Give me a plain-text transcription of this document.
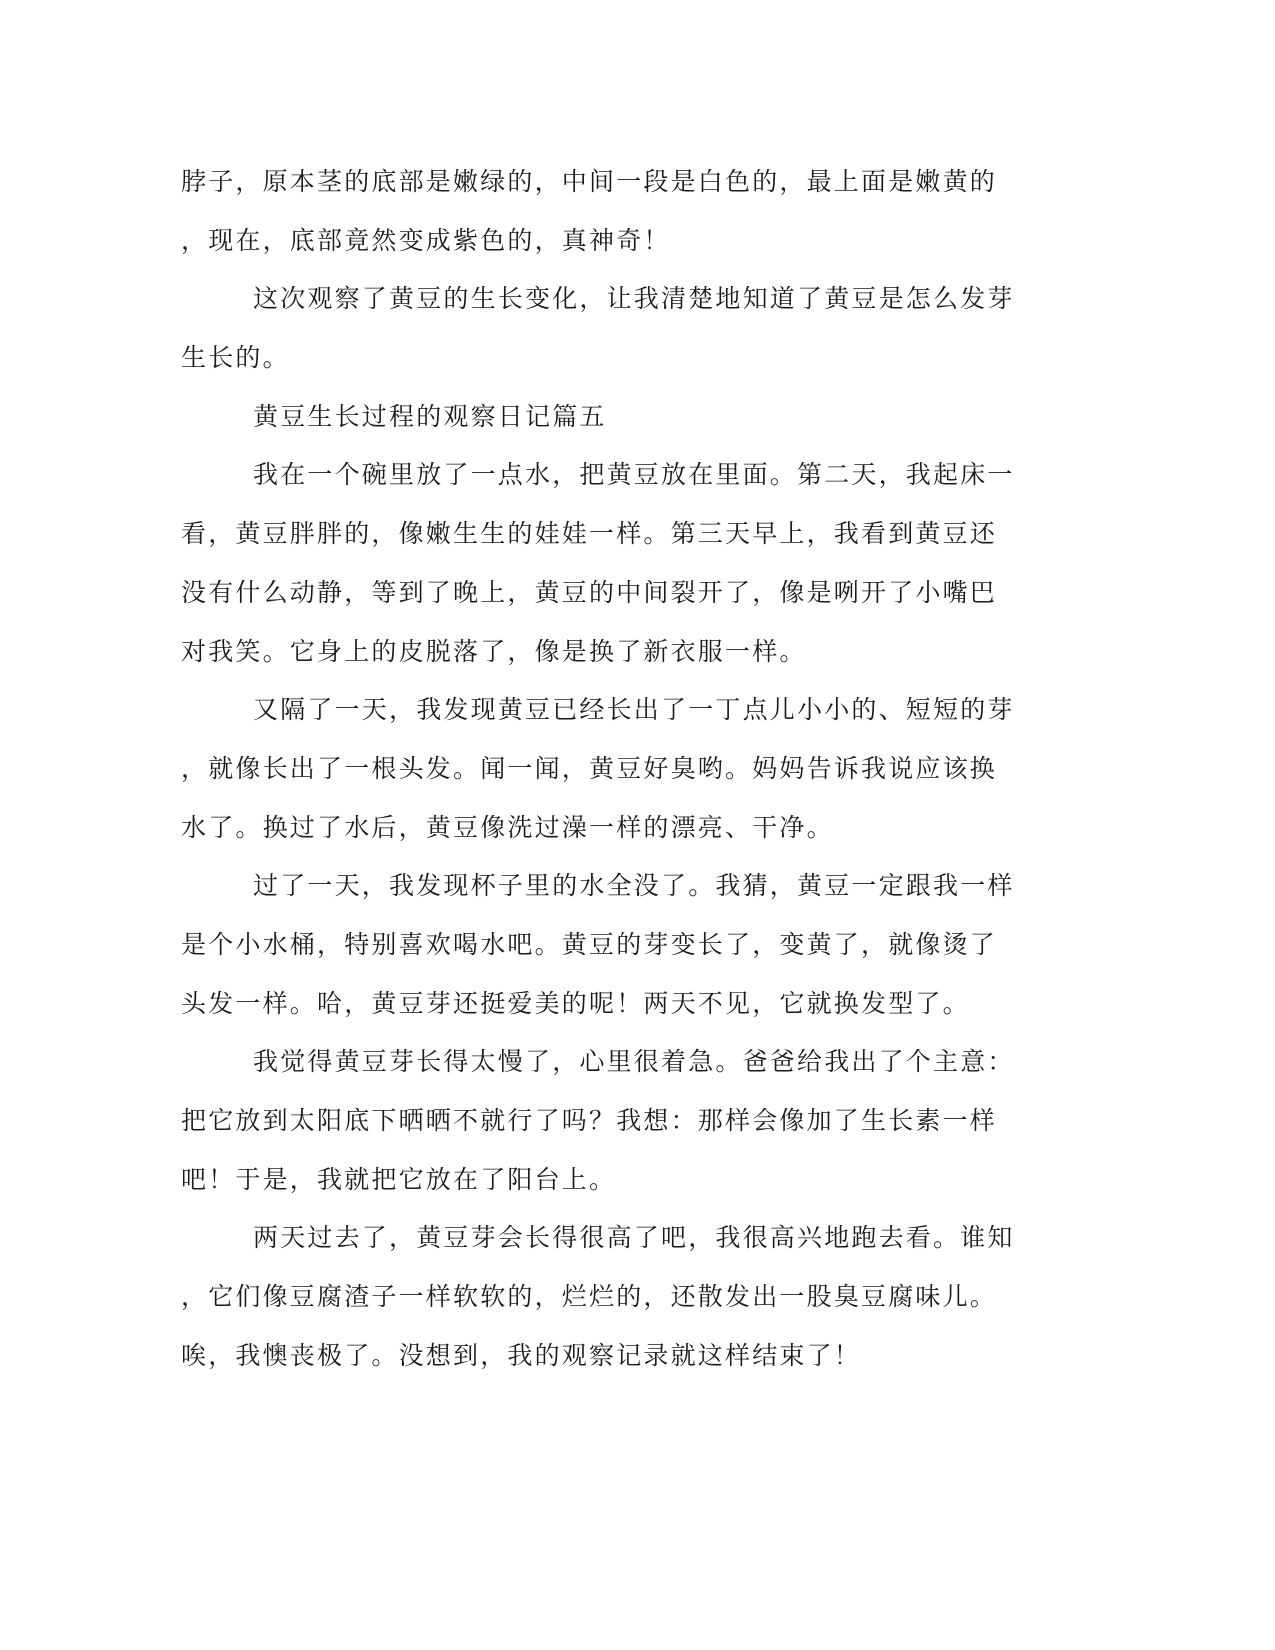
脖子，原本茎的底部是嫩绿的，中间一段是白色的，最上面是嫩黄的
，现在，底部竟然变成紫色的，真神奇！
这次观察了黄豆的生长变化，让我清楚地知道了黄豆是怎么发芽
生长的。
黄豆生长过程的观察日记篇五
我在一个碗里放了一点水，把黄豆放在里面。第二天，我起床一
看，黄豆胖胖的，像嫩生生的娃娃一样。第三天早上，我看到黄豆还
没有什么动静，等到了晚上，黄豆的中间裂开了，像是咧开了小嘴巴
对我笑。它身上的皮脱落了，像是换了新衣服一样。
又隔了一天，我发现黄豆已经长出了一丁点儿小小的、短短的芽
，就像长出了一根头发。闻一闻，黄豆好臭哟。妈妈告诉我说应该换
水了。换过了水后，黄豆像洗过澡一样的漂亮、干净。
过了一天，我发现杯子里的水全没了。我猜，黄豆一定跟我一样
是个小水桶，特别喜欢喝水吧。黄豆的芽变长了，变黄了，就像烫了
头发一样。哈，黄豆芽还挺爱美的呢！两天不见，它就换发型了。
我觉得黄豆芽长得太慢了，心里很着急。爸爸给我出了个主意：
把它放到太阳底下晒晒不就行了吗？我想：那样会像加了生长素一样
吧！于是，我就把它放在了阳台上。
两天过去了，黄豆芽会长得很高了吧，我很高兴地跑去看。谁知
，它们像豆腐渣子一样软软的，烂烂的，还散发出一股臭豆腐味儿。
唉，我懊丧极了。没想到，我的观察记录就这样结束了！
